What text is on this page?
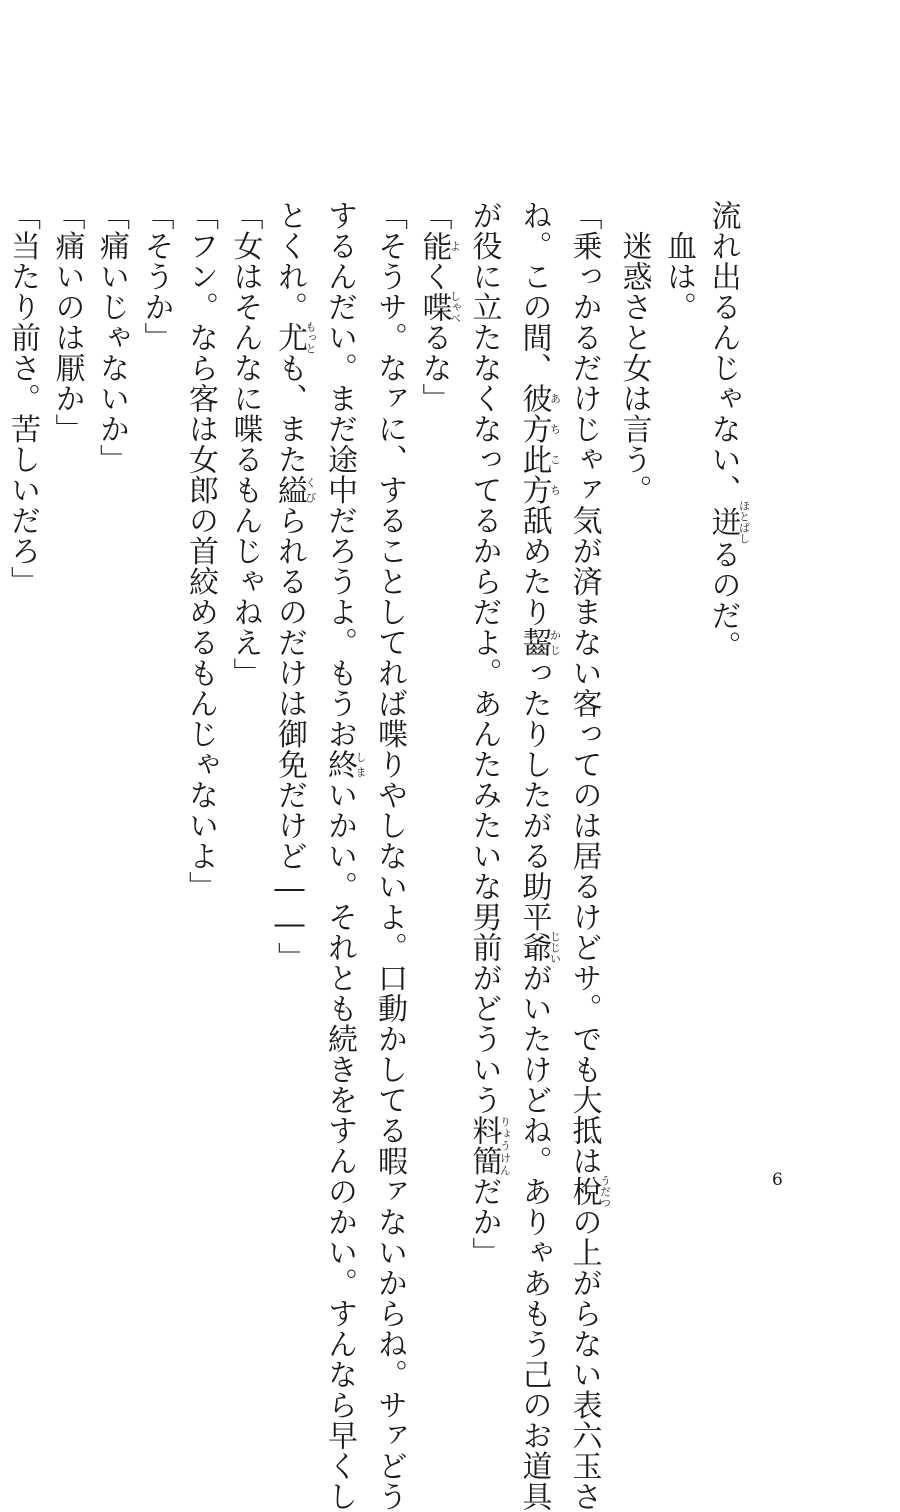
流れ出るんじゃない、迸ほとばしるのだ。
血は。
迷惑さと女は言う。
「乗っかるだけじゃァ気が済まない客ってのは居るけどサ。でも大抵は梲うだつの上がらない表六玉さ
ね。この間、彼方此方あちこち舐めたり齧かじったりしたがる助平爺じじいがいたけどね。ありゃあもう己のお道具
が役に立たなくなってるからだよ。あんたみたいな男前がどういう料簡りょうけんだか」
「能よく喋しゃべるな」
「そうサ。なァに、することしてれば喋りやしないよ。口動かしてる暇ァないからね。サァどう
するんだい。まだ途中だろうよ。もうお終しまいかい。それとも続きをすんのかい。すんなら早くし
とくれ。尤もっとも、また縊くびられるのだけは御免だけど――」
「女はそんなに喋るもんじゃねえ」
「フン。なら客は女郎の首絞めるもんじゃないよ」
「そうか」
「痛いじゃないか」
「痛いのは厭か」
「当たり前さ。苦しいだろ」
6
